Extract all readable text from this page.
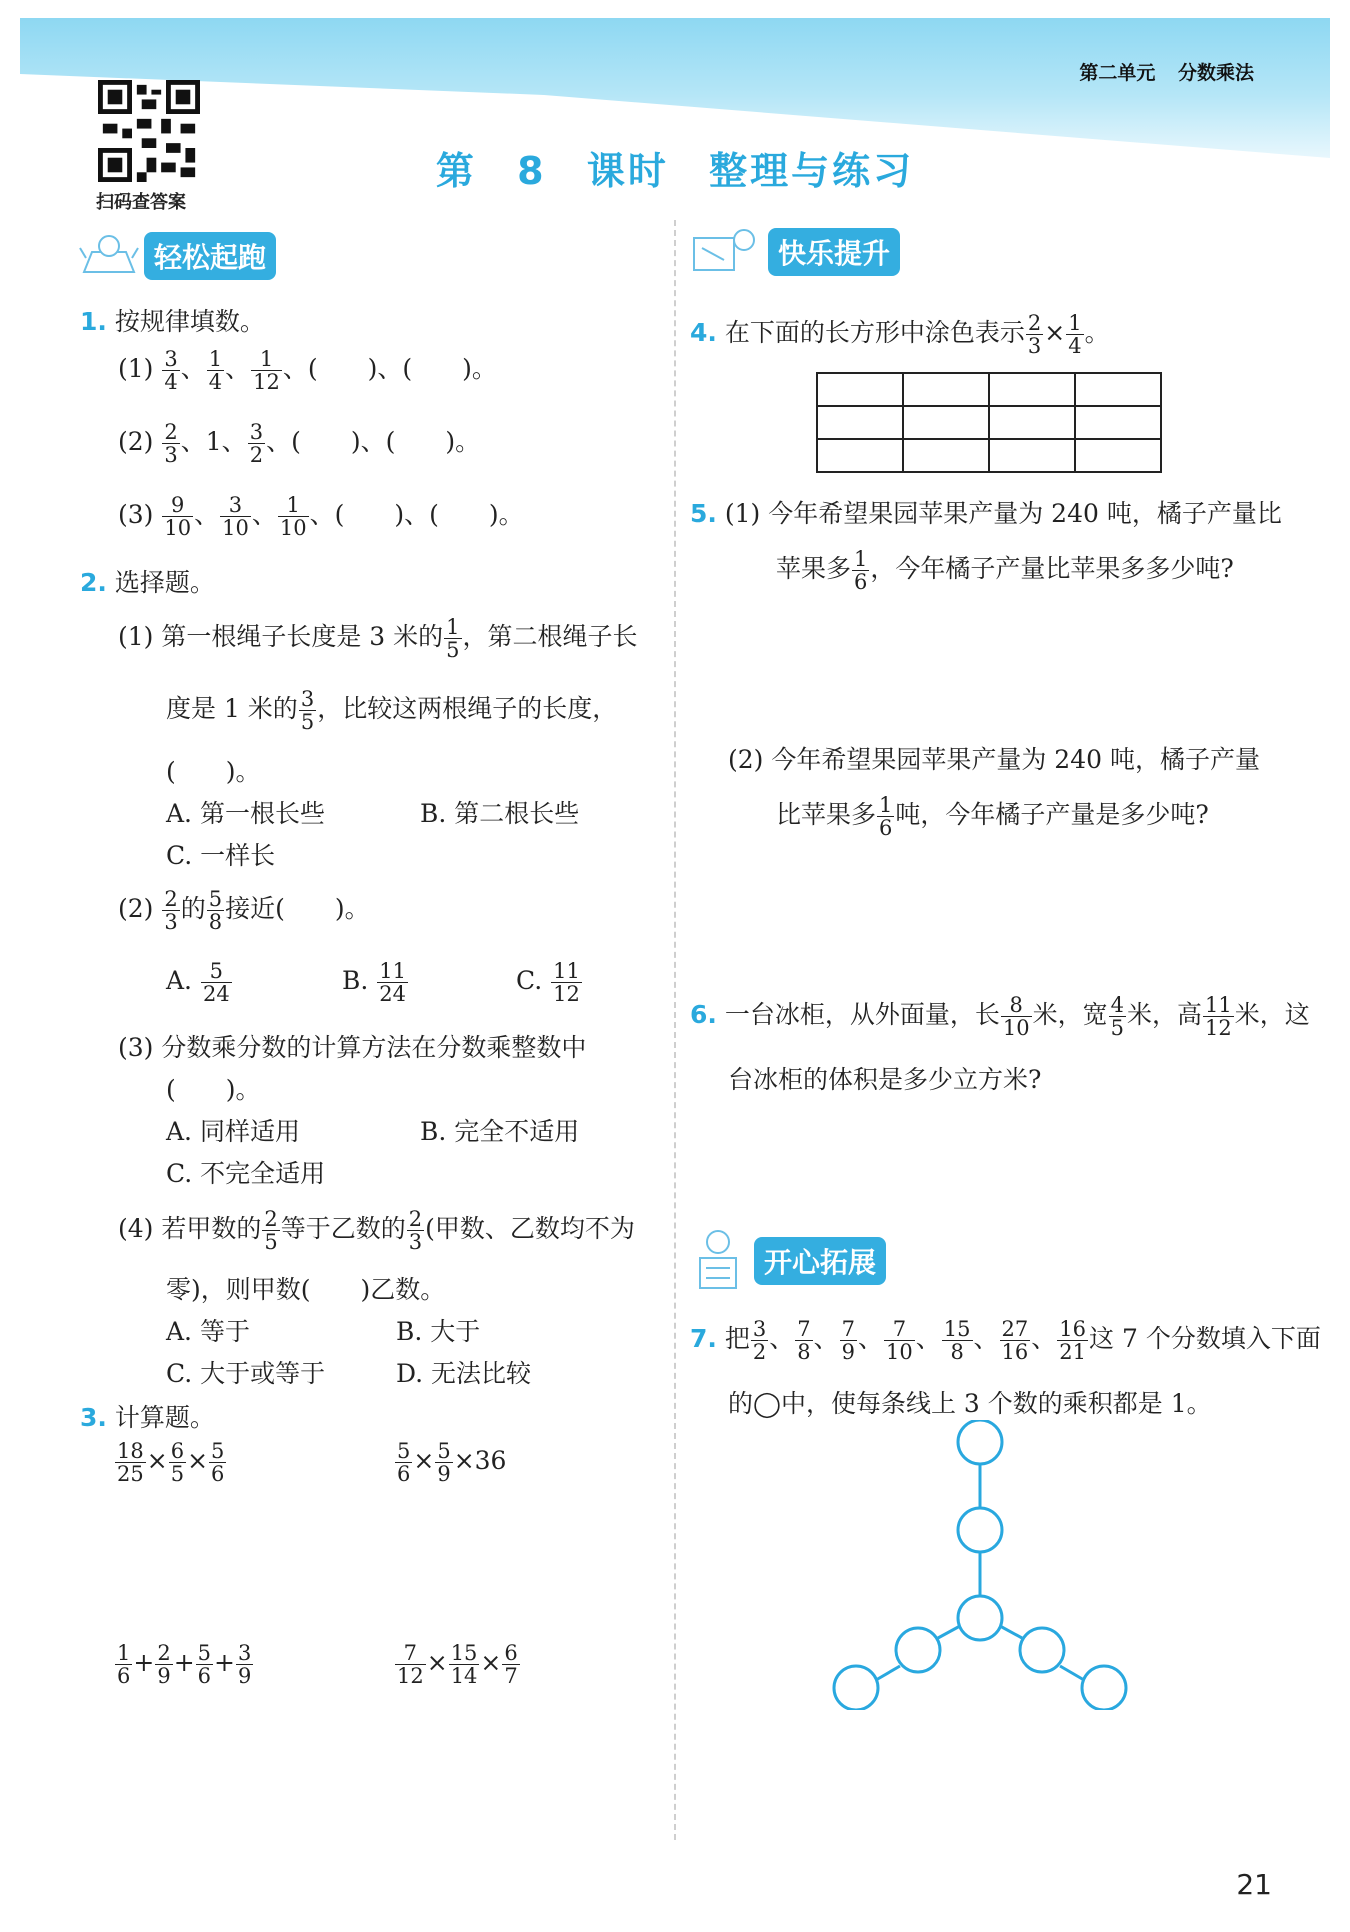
第二单元 分数乘法
扫码查答案
第 8 课时 整理与练习
轻松起跑
1. 按规律填数。
$(1) \frac{3}{4}$ 、 $\frac{1}{4}$ 、 $\frac{1}{12}$ 、(　　)、(　　)。
$(2) \frac{2}{3}$ 、1、 $\frac{3}{2}$ 、(　　)、(　　)。
$(3) \frac{9}{10}$ 、 $\frac{3}{10}$ 、 $\frac{1}{10}$ 、(　　)、(　　)。
2. 选择题。
(1) 第一根绳子长度是 3 米的 $\frac{1}{5}$ ，第二根绳子长
度是 1 米的 $\frac{3}{5}$ ，比较这两根绳子的长度，
(　　)。
A. 第一根长些	B. 第二根长些
C. 一样长
$(2) \frac{2}{3}$ 的 $\frac{5}{8}$ 接近(　　)。
A. $\frac{5}{24}$	B. $\frac{11}{24}$	C. $\frac{11}{12}$
(3) 分数乘分数的计算方法在分数乘整数中
(　　)。
A. 同样适用	B. 完全不适用
C. 不完全适用
(4) 若甲数的 $\frac{2}{5}$ 等于乙数的 $\frac{2}{3}$ (甲数、乙数均不为
零)，则甲数(　　)乙数。
A. 等于	B. 大于
C. 大于或等于	D. 无法比较
3. 计算题。
$\frac{18}{25} \times \frac{6}{5} \times \frac{5}{6}$	$\frac{5}{6} \times \frac{5}{9} \times 36$
$\frac{1}{6} + \frac{2}{9} + \frac{5}{6} + \frac{3}{9}$	$\frac{7}{12} \times \frac{15}{14} \times \frac{6}{7}$
快乐提升
4. 在下面的长方形中涂色表示 $\frac{2}{3} \times \frac{1}{4}$ 。

5. (1) 今年希望果园苹果产量为 240 吨，橘子产量比
苹果多 $\frac{1}{6}$ ，今年橘子产量比苹果多多少吨?
(2) 今年希望果园苹果产量为 240 吨，橘子产量
比苹果多 $\frac{1}{6}$ 吨，今年橘子产量是多少吨?
6. 一台冰柜，从外面量，长 $\frac{8}{10}$ 米，宽 $\frac{4}{5}$ 米，高 $\frac{11}{12}$ 米，这
台冰柜的体积是多少立方米?
开心拓展
7. 把 $\frac{3}{2}$ 、 $\frac{7}{8}$ 、 $\frac{7}{9}$ 、 $\frac{7}{10}$ 、 $\frac{15}{8}$ 、 $\frac{27}{16}$ 、 $\frac{16}{21}$ 这 7 个分数填入下面
的◯中，使每条线上 3 个数的乘积都是 1。
21
